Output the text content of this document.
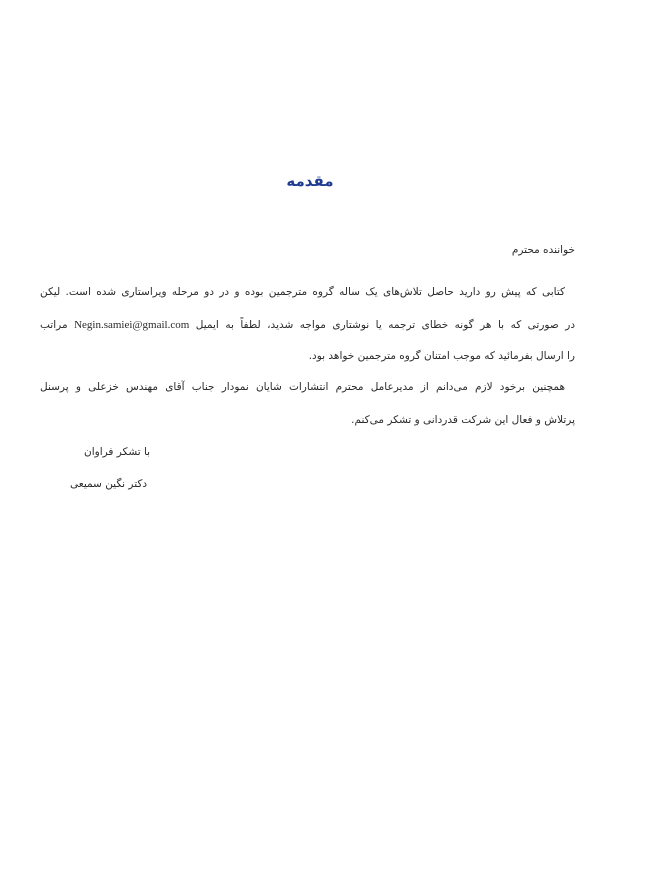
مقدمه
خواننده محترم
کتابی که پیش رو دارید حاصل تلاش‌های یک ساله گروه مترجمین بوده و در دو مرحله ویراستاری شده است. لیکن
در صورتی که با هر گونه خطای ترجمه یا نوشتاری مواجه شدید، لطفاً به ایمیل Negin.samiei@gmail.com مراتب
را ارسال بفرمائید که موجب امتنان گروه مترجمین خواهد بود.
همچنین برخود لازم می‌دانم از مدیرعامل محترم انتشارات شایان نمودار جناب آقای مهندس خزعلی و پرسنل
پرتلاش و فعال این شرکت قدردانی و تشکر می‌کنم.
با تشکر فراوان
دکتر نگین سمیعی
